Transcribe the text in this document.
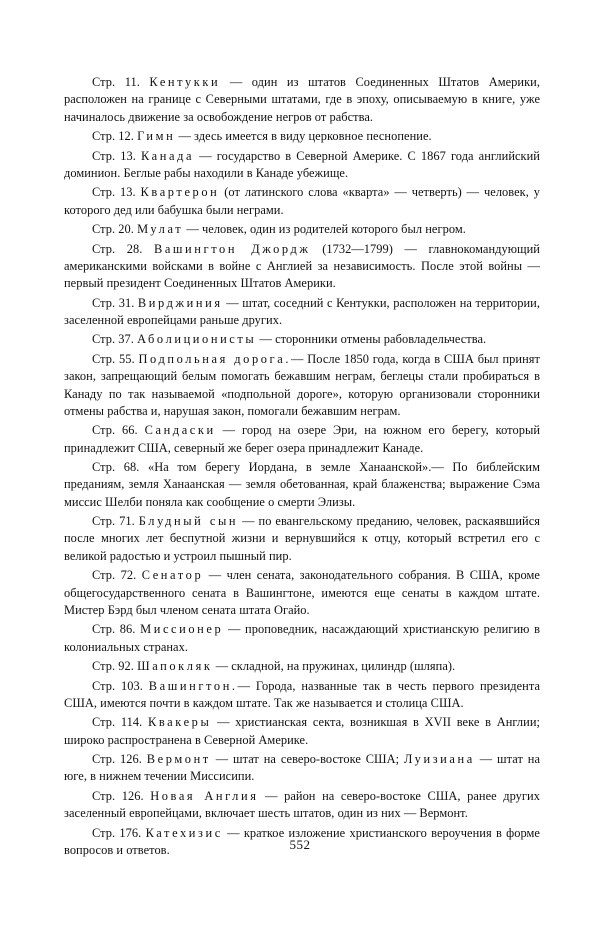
Стр. 11. Кентукки — один из штатов Соединенных Штатов Америки, расположен на границе с Северными штатами, где в эпоху, описываемую в книге, уже начиналось движение за освобождение негров от рабства.

Стр. 12. Гимн — здесь имеется в виду церковное песнопение.

Стр. 13. Канада — государство в Северной Америке. С 1867 года английский доминион. Беглые рабы находили в Канаде убежище.

Стр. 13. Квартерон (от латинского слова «кварта» — четверть) — человек, у которого дед или бабушка были неграми.

Стр. 20. Мулат — человек, один из родителей которого был негром.

Стр. 28. Вашингтон Джордж (1732—1799) — главнокомандующий американскими войсками в войне с Англией за независимость. После этой войны — первый президент Соединенных Штатов Америки.

Стр. 31. Вирджиния — штат, соседний с Кентукки, расположен на территории, заселенной европейцами раньше других.

Стр. 37. Аболиционисты — сторонники отмены рабовладельчества.

Стр. 55. Подпольная дорога.— После 1850 года, когда в США был принят закон, запрещающий белым помогать бежавшим неграм, беглецы стали пробираться в Канаду по так называемой «подпольной дороге», которую организовали сторонники отмены рабства и, нарушая закон, помогали бежавшим неграм.

Стр. 66. Сандаски — город на озере Эри, на южном его берегу, который принадлежит США, северный же берег озера принадлежит Канаде.

Стр. 68. «На том берегу Иордана, в земле Ханаанской».— По библейским преданиям, земля Ханаанская — земля обетованная, край блаженства; выражение Сэма миссис Шелби поняла как сообщение о смерти Элизы.

Стр. 71. Блудный сын — по евангельскому преданию, человек, раскаявшийся после многих лет беспутной жизни и вернувшийся к отцу, который встретил его с великой радостью и устроил пышный пир.

Стр. 72. Сенатор — член сената, законодательного собрания. В США, кроме общегосударственного сената в Вашингтоне, имеются еще сенаты в каждом штате. Мистер Бэрд был членом сената штата Огайо.

Стр. 86. Миссионер — проповедник, насаждающий христианскую религию в колониальных странах.

Стр. 92. Шапокляк — складной, на пружинах, цилиндр (шляпа).

Стр. 103. Вашингтон.— Города, названные так в честь первого президента США, имеются почти в каждом штате. Так же называется и столица США.

Стр. 114. Квакеры — христианская секта, возникшая в XVII веке в Англии; широко распространена в Северной Америке.

Стр. 126. Вермонт — штат на северо-востоке США; Луизиана — штат на юге, в нижнем течении Миссисипи.

Стр. 126. Новая Англия — район на северо-востоке США, ранее других заселенный европейцами, включает шесть штатов, один из них — Вермонт.

Стр. 176. Катехизис — краткое изложение христианского вероучения в форме вопросов и ответов.	552
